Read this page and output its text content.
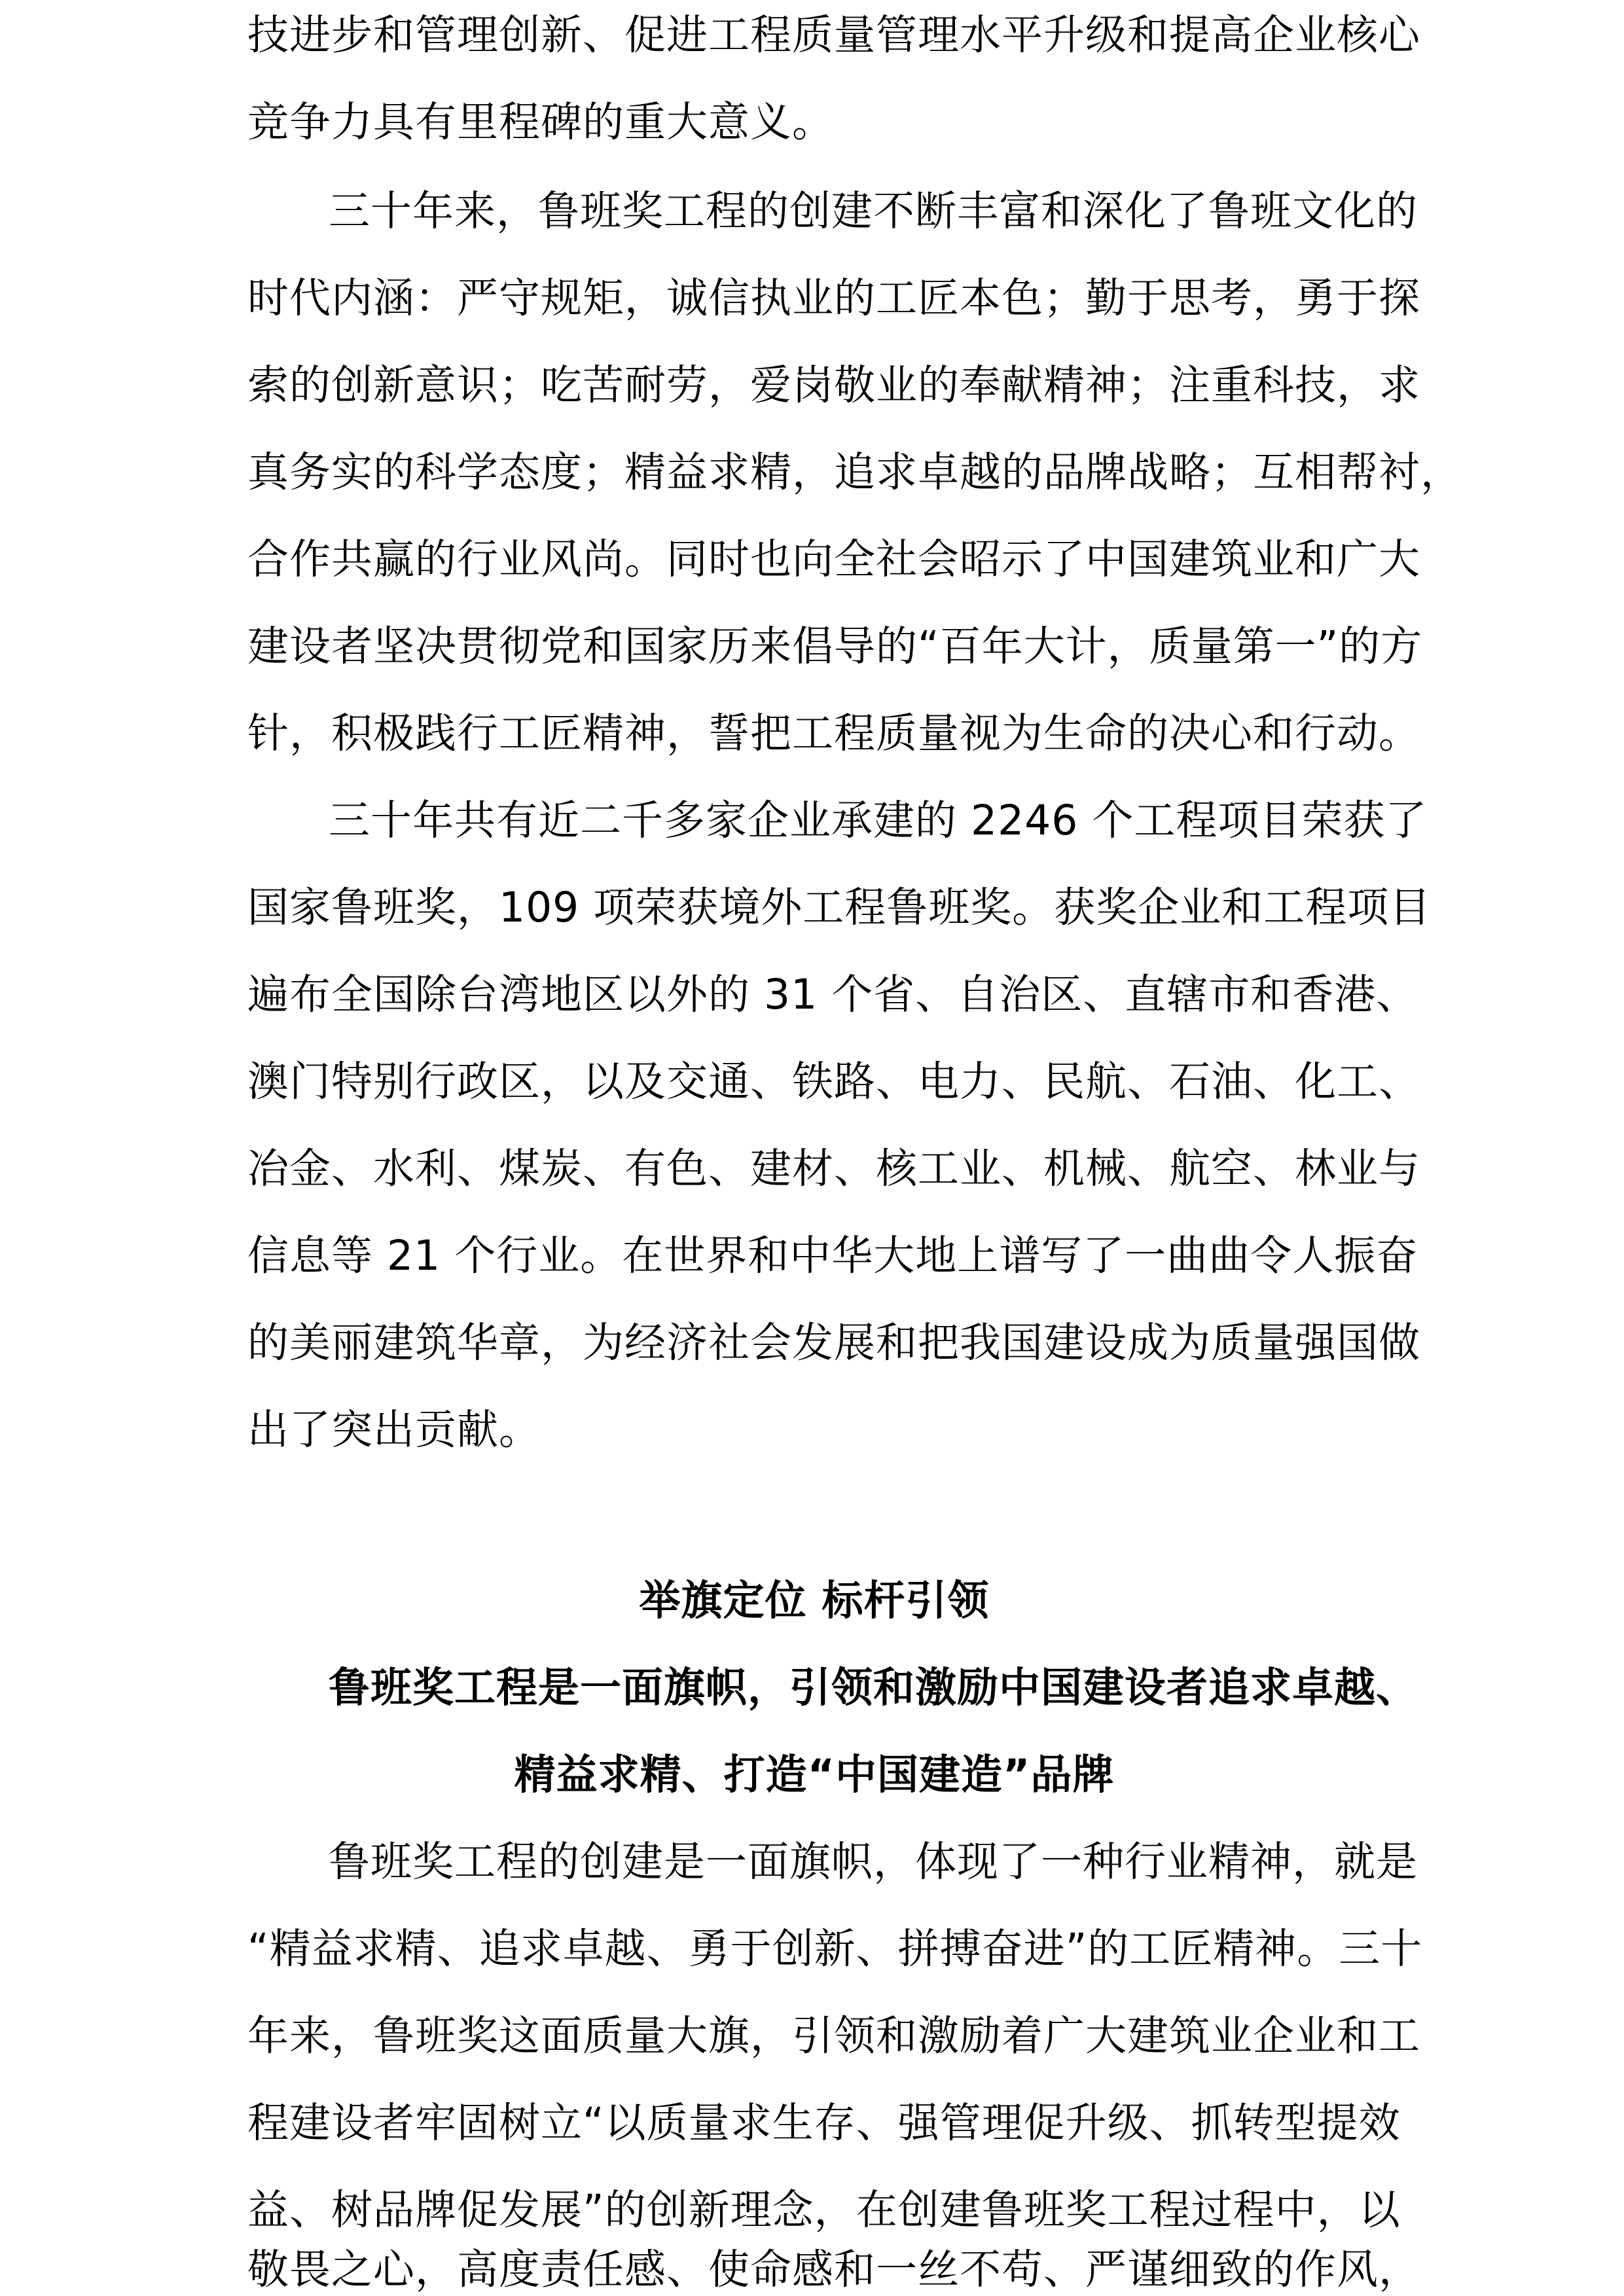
技进步和管理创新、促进工程质量管理水平升级和提高企业核心
竞争力具有里程碑的重大意义。
三十年来，鲁班奖工程的创建不断丰富和深化了鲁班文化的
时代内涵：严守规矩，诚信执业的工匠本色；勤于思考，勇于探
索的创新意识；吃苦耐劳，爱岗敬业的奉献精神；注重科技，求
真务实的科学态度；精益求精，追求卓越的品牌战略；互相帮衬，
合作共赢的行业风尚。同时也向全社会昭示了中国建筑业和广大
建设者坚决贯彻党和国家历来倡导的“百年大计，质量第一”的方
针，积极践行工匠精神，誓把工程质量视为生命的决心和行动。
三十年共有近二千多家企业承建的 2246 个工程项目荣获了
国家鲁班奖，109 项荣获境外工程鲁班奖。获奖企业和工程项目
遍布全国除台湾地区以外的 31 个省、自治区、直辖市和香港、
澳门特别行政区，以及交通、铁路、电力、民航、石油、化工、
冶金、水利、煤炭、有色、建材、核工业、机械、航空、林业与
信息等 21 个行业。在世界和中华大地上谱写了一曲曲令人振奋
的美丽建筑华章，为经济社会发展和把我国建设成为质量强国做
出了突出贡献。
举旗定位 标杆引领
鲁班奖工程是一面旗帜，引领和激励中国建设者追求卓越、
精益求精、打造“中国建造”品牌
鲁班奖工程的创建是一面旗帜，体现了一种行业精神，就是
“精益求精、追求卓越、勇于创新、拼搏奋进”的工匠精神。三十
年来，鲁班奖这面质量大旗，引领和激励着广大建筑业企业和工
程建设者牢固树立“以质量求生存、强管理促升级、抓转型提效
益、树品牌促发展”的创新理念，在创建鲁班奖工程过程中，以
敬畏之心，高度责任感、使命感和一丝不苟、严谨细致的作风，
